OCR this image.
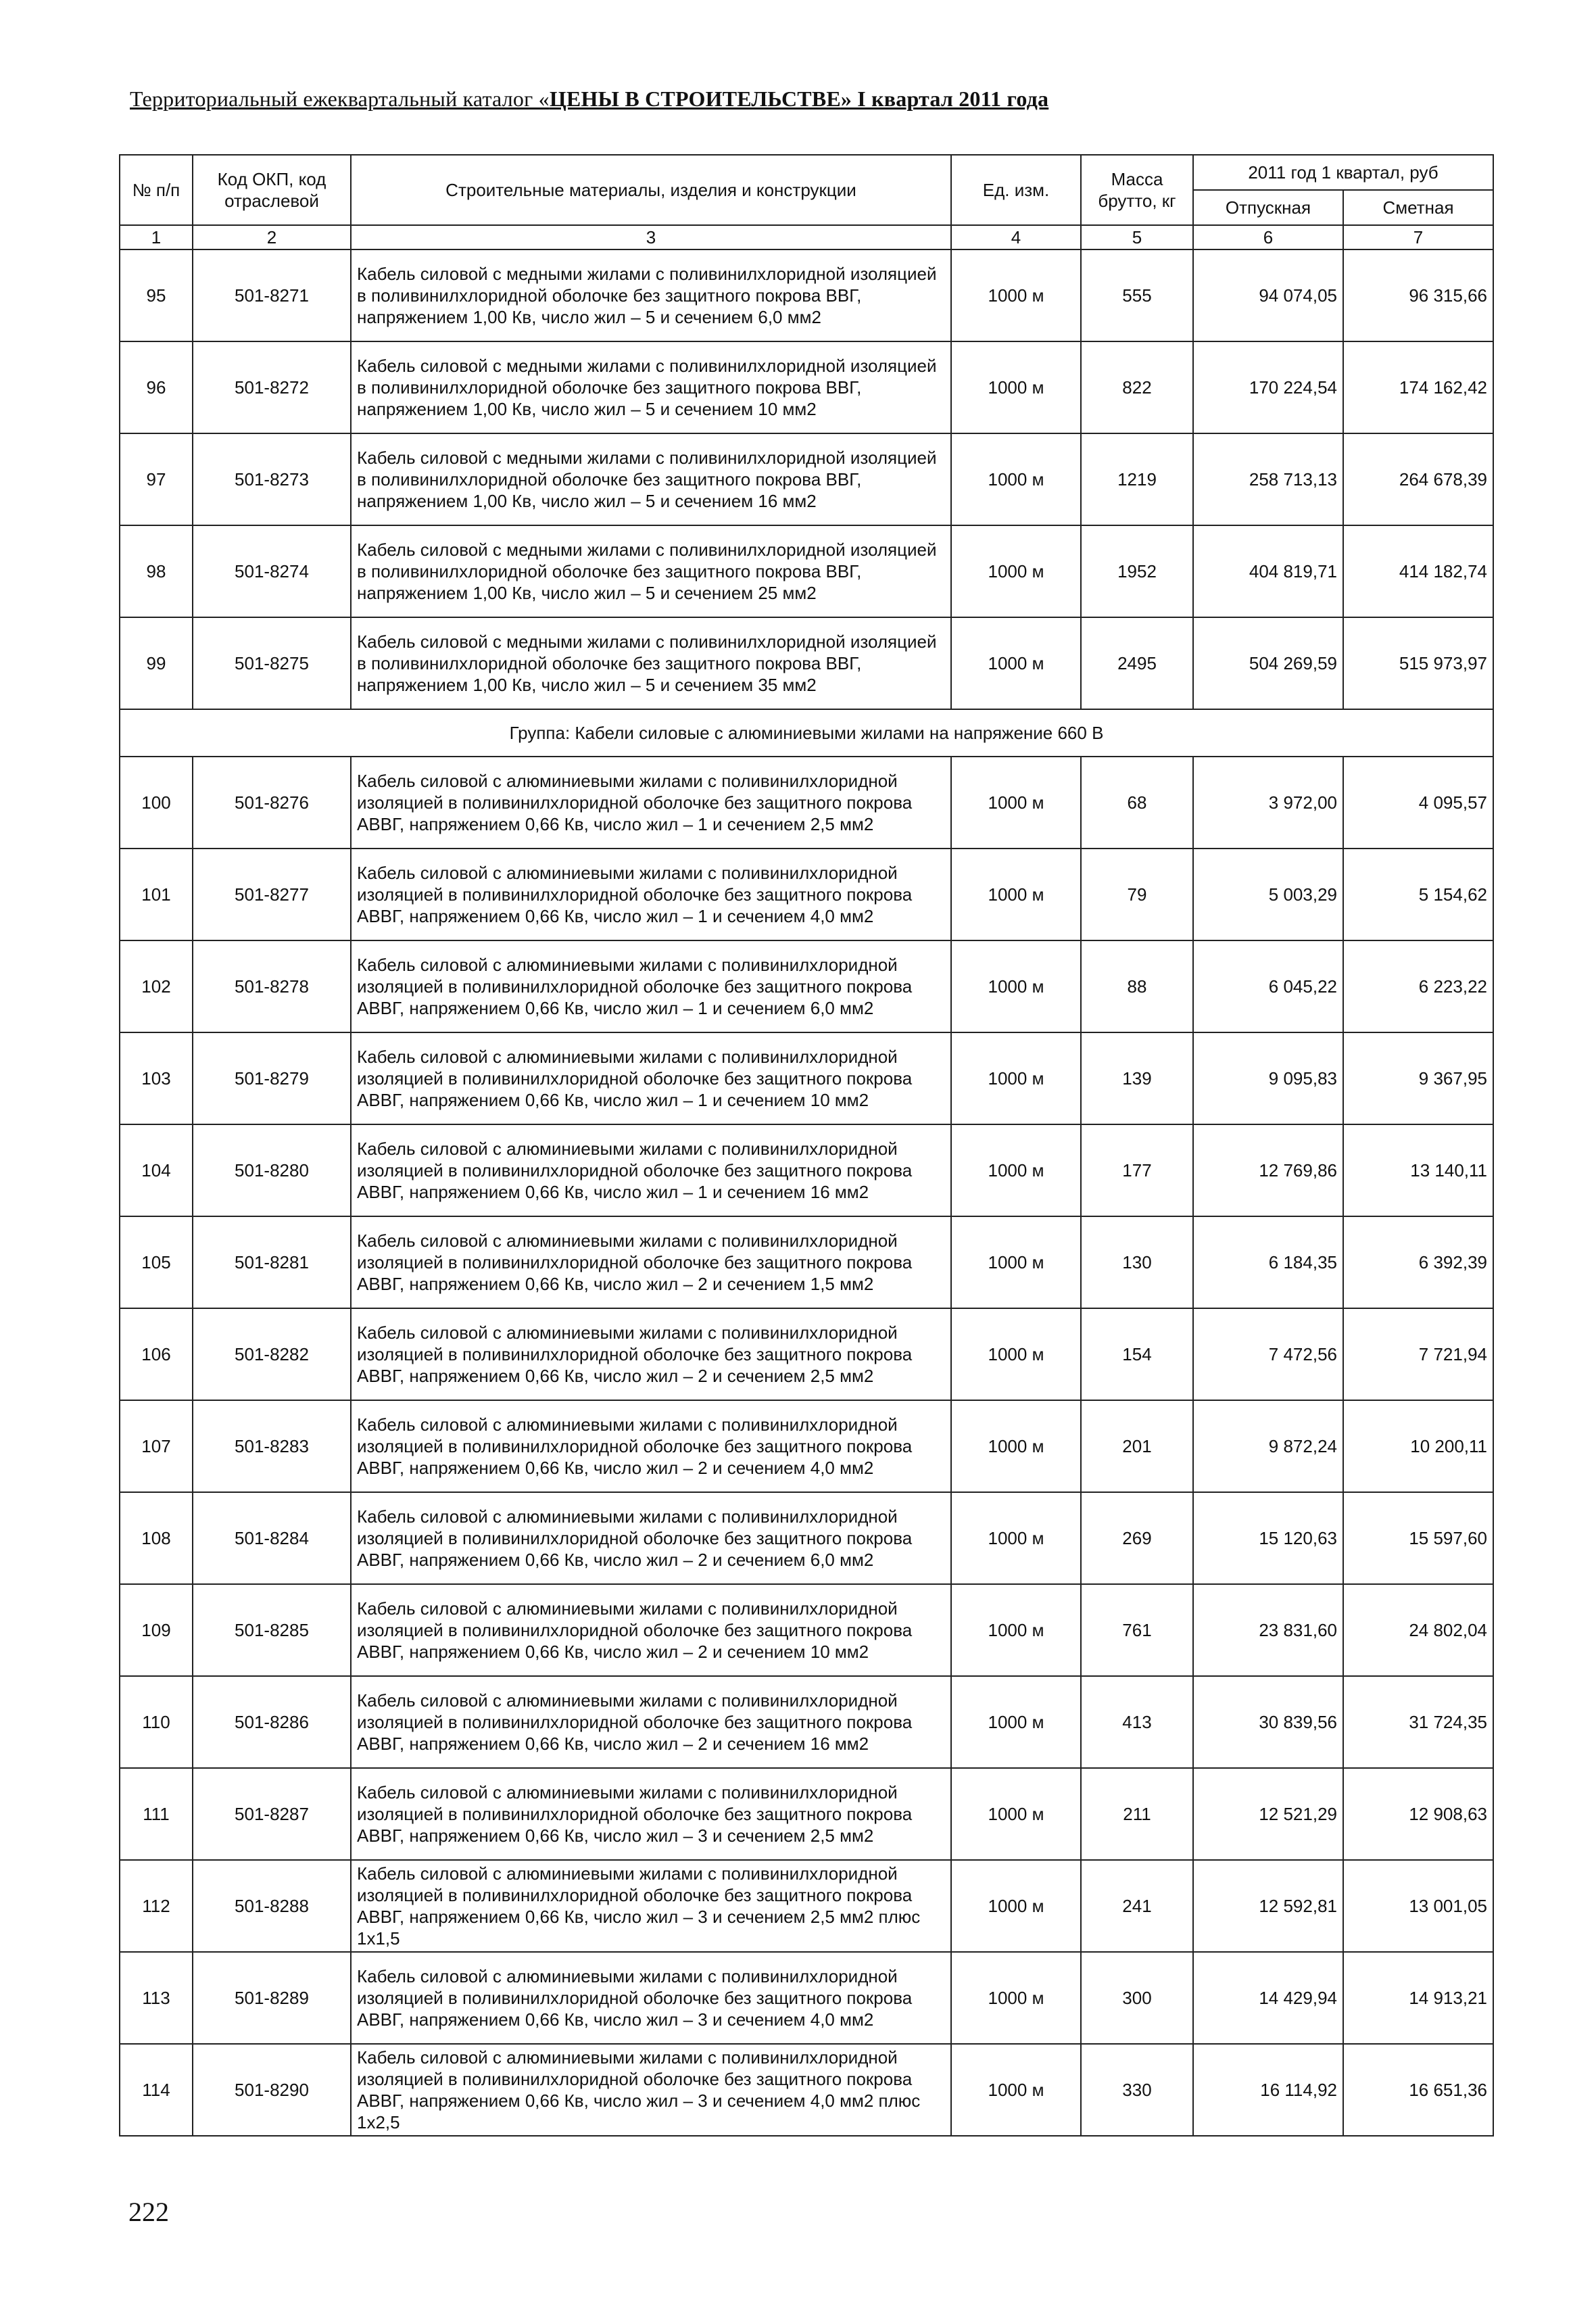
Территориальный ежеквартальный каталог «ЦЕНЫ В СТРОИТЕЛЬСТВЕ» I квартал 2011 года
№ п/п	Код ОКП, код отраслевой	Строительные материалы, изделия и конструкции	Ед. изм.	Масса брутто, кг	2011 год 1 квартал, руб	
					Отпускная	Сметная
1	2	3	4	5	6	7
95	501-8271	Кабель силовой с медными жилами с поливинилхлоридной изоляцией в поливинилхлоридной оболочке без защитного покрова ВВГ, напряжением 1,00 Кв, число жил – 5 и сечением 6,0 мм2	1000 м	555	94 074,05	96 315,66
96	501-8272	Кабель силовой с медными жилами с поливинилхлоридной изоляцией в поливинилхлоридной оболочке без защитного покрова ВВГ, напряжением 1,00 Кв, число жил – 5 и сечением 10 мм2	1000 м	822	170 224,54	174 162,42
97	501-8273	Кабель силовой с медными жилами с поливинилхлоридной изоляцией в поливинилхлоридной оболочке без защитного покрова ВВГ, напряжением 1,00 Кв, число жил – 5 и сечением 16 мм2	1000 м	1219	258 713,13	264 678,39
98	501-8274	Кабель силовой с медными жилами с поливинилхлоридной изоляцией в поливинилхлоридной оболочке без защитного покрова ВВГ, напряжением 1,00 Кв, число жил – 5 и сечением 25 мм2	1000 м	1952	404 819,71	414 182,74
99	501-8275	Кабель силовой с медными жилами с поливинилхлоридной изоляцией в поливинилхлоридной оболочке без защитного покрова ВВГ, напряжением 1,00 Кв, число жил – 5 и сечением 35 мм2	1000 м	2495	504 269,59	515 973,97
Группа: Кабели силовые с алюминиевыми жилами на напряжение 660 В						
100	501-8276	Кабель силовой с алюминиевыми жилами с поливинилхлоридной изоляцией в поливинилхлоридной оболочке без защитного покрова АВВГ, напряжением 0,66 Кв, число жил – 1 и сечением 2,5 мм2	1000 м	68	3 972,00	4 095,57
101	501-8277	Кабель силовой с алюминиевыми жилами с поливинилхлоридной изоляцией в поливинилхлоридной оболочке без защитного покрова АВВГ, напряжением 0,66 Кв, число жил – 1 и сечением 4,0 мм2	1000 м	79	5 003,29	5 154,62
102	501-8278	Кабель силовой с алюминиевыми жилами с поливинилхлоридной изоляцией в поливинилхлоридной оболочке без защитного покрова АВВГ, напряжением 0,66 Кв, число жил – 1 и сечением 6,0 мм2	1000 м	88	6 045,22	6 223,22
103	501-8279	Кабель силовой с алюминиевыми жилами с поливинилхлоридной изоляцией в поливинилхлоридной оболочке без защитного покрова АВВГ, напряжением 0,66 Кв, число жил – 1 и сечением 10 мм2	1000 м	139	9 095,83	9 367,95
104	501-8280	Кабель силовой с алюминиевыми жилами с поливинилхлоридной изоляцией в поливинилхлоридной оболочке без защитного покрова АВВГ, напряжением 0,66 Кв, число жил – 1 и сечением 16 мм2	1000 м	177	12 769,86	13 140,11
105	501-8281	Кабель силовой с алюминиевыми жилами с поливинилхлоридной изоляцией в поливинилхлоридной оболочке без защитного покрова АВВГ, напряжением 0,66 Кв, число жил – 2 и сечением 1,5 мм2	1000 м	130	6 184,35	6 392,39
106	501-8282	Кабель силовой с алюминиевыми жилами с поливинилхлоридной изоляцией в поливинилхлоридной оболочке без защитного покрова АВВГ, напряжением 0,66 Кв, число жил – 2 и сечением 2,5 мм2	1000 м	154	7 472,56	7 721,94
107	501-8283	Кабель силовой с алюминиевыми жилами с поливинилхлоридной изоляцией в поливинилхлоридной оболочке без защитного покрова АВВГ, напряжением 0,66 Кв, число жил – 2 и сечением 4,0 мм2	1000 м	201	9 872,24	10 200,11
108	501-8284	Кабель силовой с алюминиевыми жилами с поливинилхлоридной изоляцией в поливинилхлоридной оболочке без защитного покрова АВВГ, напряжением 0,66 Кв, число жил – 2 и сечением 6,0 мм2	1000 м	269	15 120,63	15 597,60
109	501-8285	Кабель силовой с алюминиевыми жилами с поливинилхлоридной изоляцией в поливинилхлоридной оболочке без защитного покрова АВВГ, напряжением 0,66 Кв, число жил – 2 и сечением 10 мм2	1000 м	761	23 831,60	24 802,04
110	501-8286	Кабель силовой с алюминиевыми жилами с поливинилхлоридной изоляцией в поливинилхлоридной оболочке без защитного покрова АВВГ, напряжением 0,66 Кв, число жил – 2 и сечением 16 мм2	1000 м	413	30 839,56	31 724,35
111	501-8287	Кабель силовой с алюминиевыми жилами с поливинилхлоридной изоляцией в поливинилхлоридной оболочке без защитного покрова АВВГ, напряжением 0,66 Кв, число жил – 3 и сечением 2,5 мм2	1000 м	211	12 521,29	12 908,63
112	501-8288	Кабель силовой с алюминиевыми жилами с поливинилхлоридной изоляцией в поливинилхлоридной оболочке без защитного покрова АВВГ, напряжением 0,66 Кв, число жил – 3 и сечением 2,5 мм2 плюс 1х1,5	1000 м	241	12 592,81	13 001,05
113	501-8289	Кабель силовой с алюминиевыми жилами с поливинилхлоридной изоляцией в поливинилхлоридной оболочке без защитного покрова АВВГ, напряжением 0,66 Кв, число жил – 3 и сечением 4,0 мм2	1000 м	300	14 429,94	14 913,21
114	501-8290	Кабель силовой с алюминиевыми жилами с поливинилхлоридной изоляцией в поливинилхлоридной оболочке без защитного покрова АВВГ, напряжением 0,66 Кв, число жил – 3 и сечением 4,0 мм2 плюс 1х2,5	1000 м	330	16 114,92	16 651,36
222
